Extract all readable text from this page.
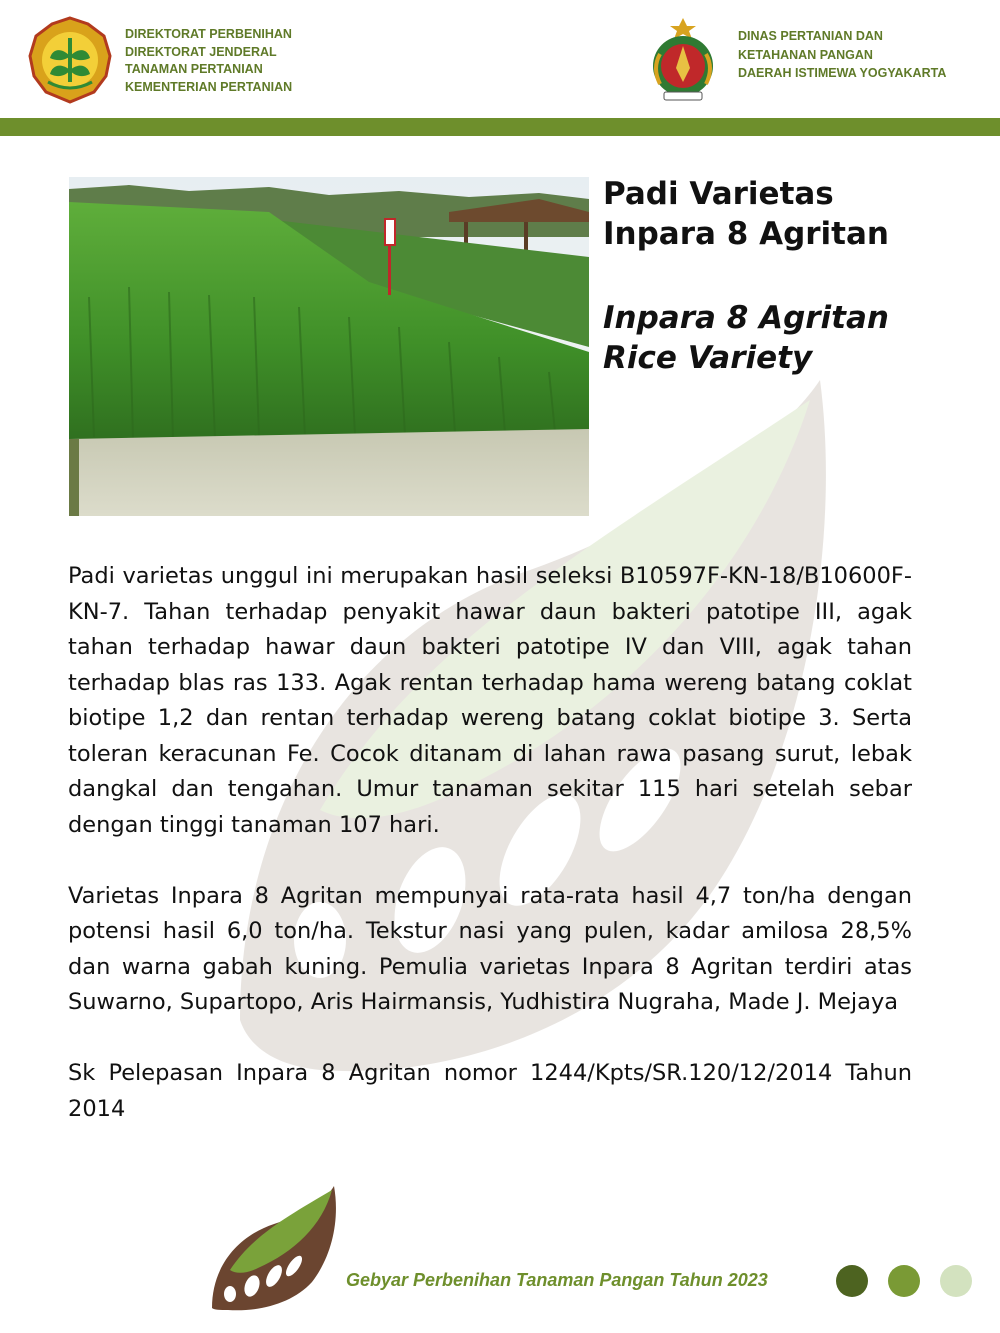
DIREKTORAT PERBENIHAN
DIREKTORAT JENDERAL
TANAMAN PERTANIAN
KEMENTERIAN PERTANIAN
DINAS PERTANIAN DAN
KETAHANAN PANGAN
DAERAH ISTIMEWA YOGYAKARTA
Padi Varietas
Inpara 8 Agritan
Inpara 8 Agritan
Rice Variety

Padi varietas unggul ini merupakan hasil seleksi B10597F-KN-18/B10600F-KN-7. Tahan terhadap penyakit hawar daun bakteri patotipe III, agak tahan terhadap hawar daun bakteri patotipe IV dan VIII, agak tahan terhadap blas ras 133. Agak rentan terhadap hama wereng batang coklat biotipe 1,2 dan rentan terhadap wereng batang coklat biotipe 3. Serta toleran keracunan Fe. Cocok ditanam di lahan rawa pasang surut, lebak dangkal dan tengahan. Umur tanaman sekitar 115 hari setelah sebar dengan tinggi tanaman 107 hari.

Varietas Inpara 8 Agritan mempunyai rata-rata hasil 4,7 ton/ha dengan potensi hasil 6,0 ton/ha. Tekstur nasi yang pulen, kadar amilosa 28,5% dan warna gabah kuning. Pemulia varietas Inpara 8 Agritan terdiri atas Suwarno, Supartopo, Aris Hairmansis, Yudhistira Nugraha, Made J. Mejaya

Sk Pelepasan Inpara 8 Agritan nomor 1244/Kpts/SR.120/12/2014 Tahun 2014

Gebyar Perbenihan Tanaman Pangan Tahun 2023
